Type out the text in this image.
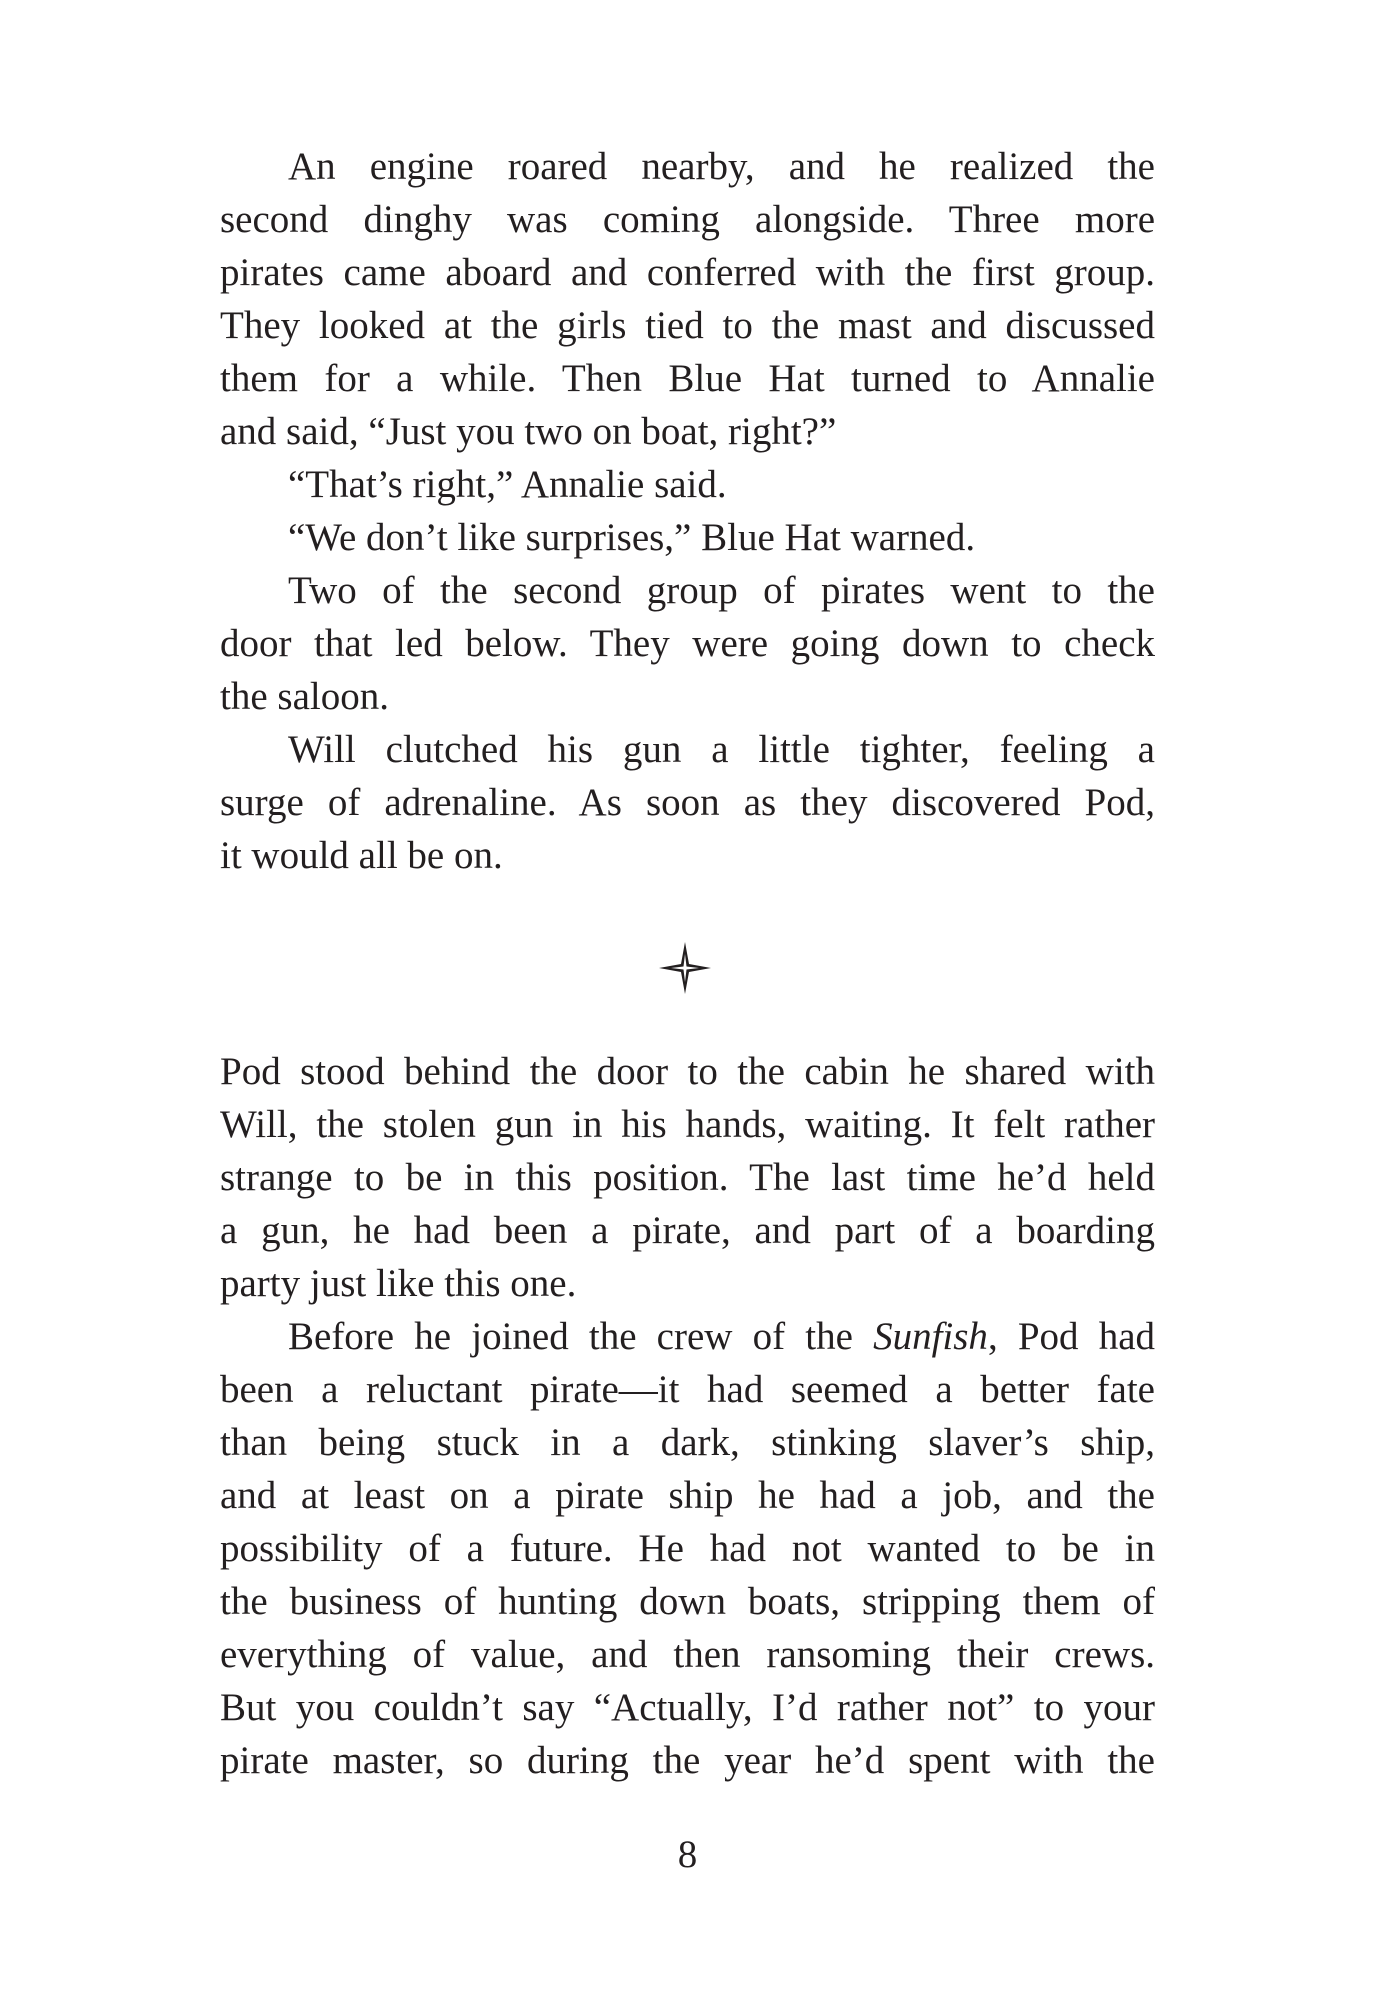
An engine roared nearby, and he realized the
second dinghy was coming alongside. Three more
pirates came aboard and conferred with the first group.
They looked at the girls tied to the mast and discussed
them for a while. Then Blue Hat turned to Annalie
and said, “Just you two on boat, right?”
“That’s right,” Annalie said.
“We don’t like surprises,” Blue Hat warned.
Two of the second group of pirates went to the
door that led below. They were going down to check
the saloon.
Will clutched his gun a little tighter, feeling a
surge of adrenaline. As soon as they discovered Pod,
it would all be on.
Pod stood behind the door to the cabin he shared with
Will, the stolen gun in his hands, waiting. It felt rather
strange to be in this position. The last time he’d held
a gun, he had been a pirate, and part of a boarding
party just like this one.
Before he joined the crew of the Sunfish, Pod had
been a reluctant pirate—it had seemed a better fate
than being stuck in a dark, stinking slaver’s ship,
and at least on a pirate ship he had a job, and the
possibility of a future. He had not wanted to be in
the business of hunting down boats, stripping them of
everything of value, and then ransoming their crews.
But you couldn’t say “Actually, I’d rather not” to your
pirate master, so during the year he’d spent with the
8
